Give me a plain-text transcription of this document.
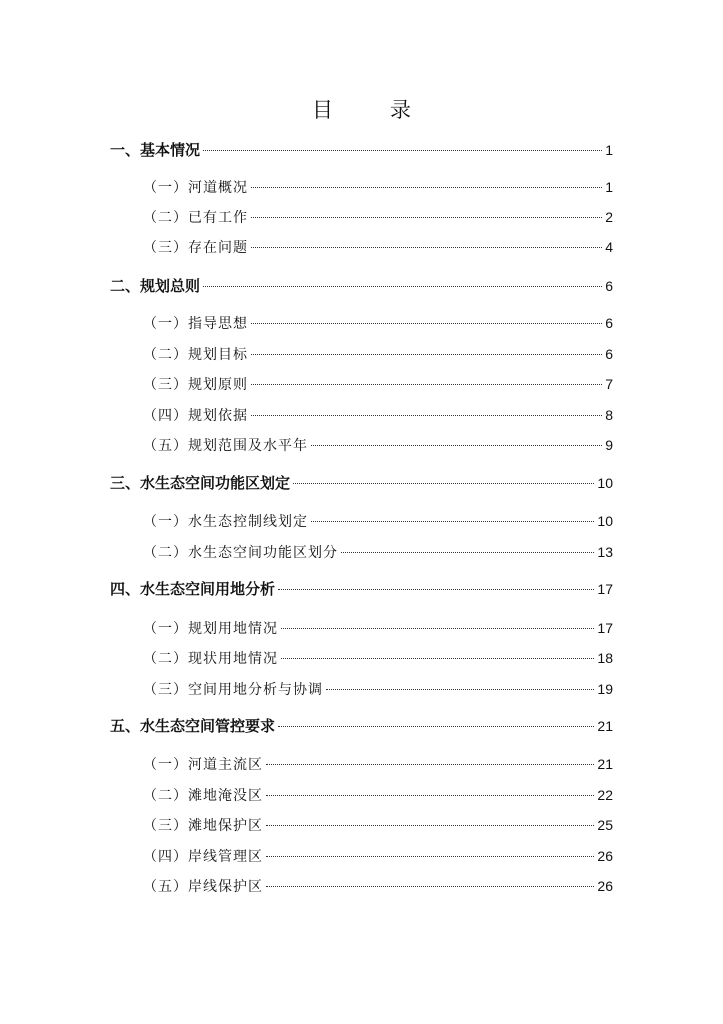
目　录
一、基本情况	1
（一）河道概况	1
（二）已有工作	2
（三）存在问题	4
二、规划总则	6
（一）指导思想	6
（二）规划目标	6
（三）规划原则	7
（四）规划依据	8
（五）规划范围及水平年	9
三、水生态空间功能区划定	10
（一）水生态控制线划定	10
（二）水生态空间功能区划分	13
四、水生态空间用地分析	17
（一）规划用地情况	17
（二）现状用地情况	18
（三）空间用地分析与协调	19
五、水生态空间管控要求	21
（一）河道主流区	21
（二）滩地淹没区	22
（三）滩地保护区	25
（四）岸线管理区	26
（五）岸线保护区	26
